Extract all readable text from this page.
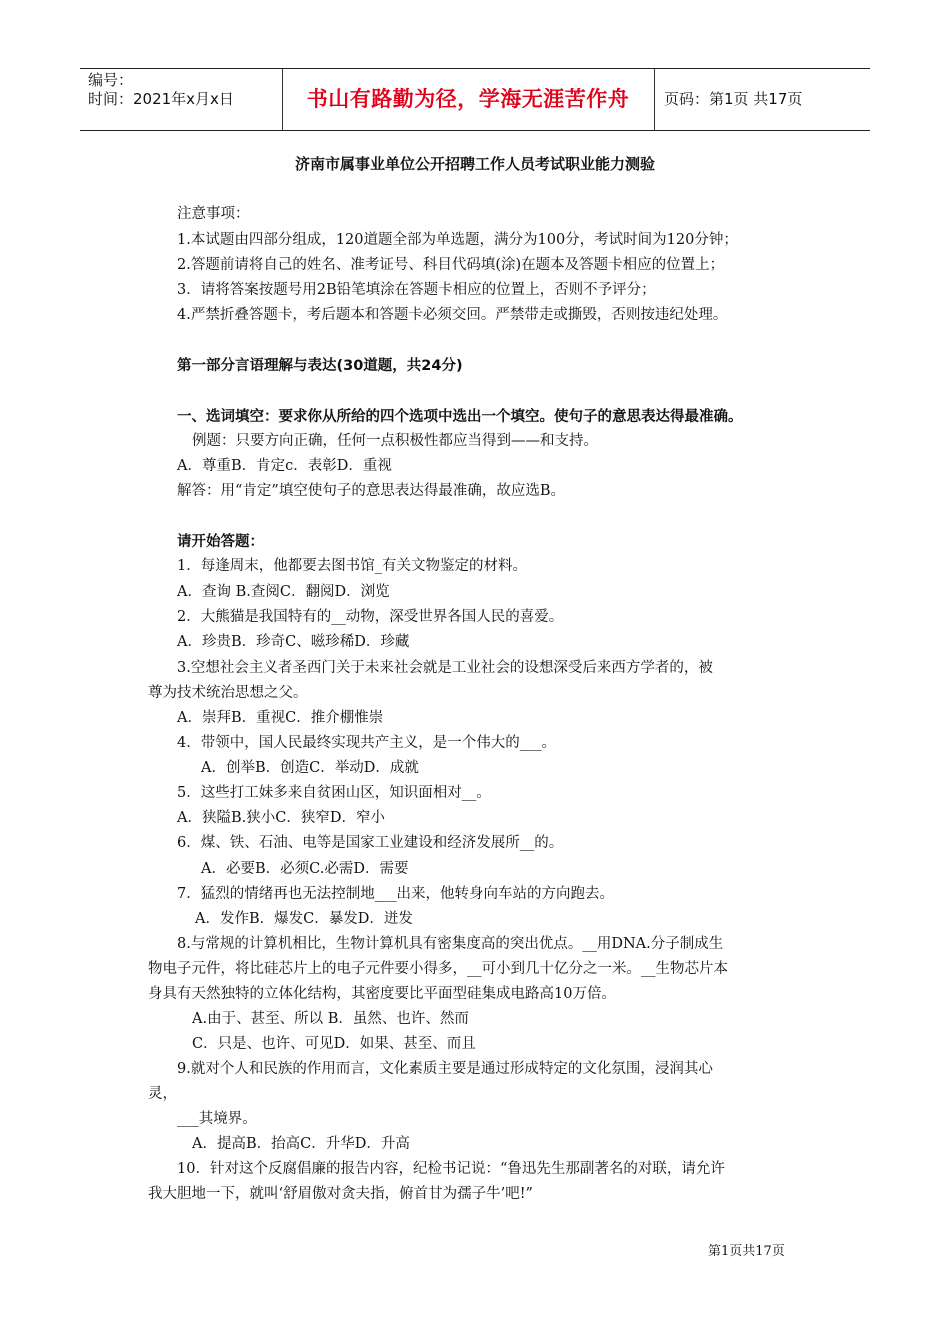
编号：
时间：2021年x月x日	书山有路勤为径，学海无涯苦作舟	页码：第1页 共17页
济南市属事业单位公开招聘工作人员考试职业能力测验
注意事项：
1.本试题由四部分组成，120道题全部为单选题，满分为100分，考试时间为120分钟；
2.答题前请将自己的姓名、准考证号、科目代码填(涂)在题本及答题卡相应的位置上；
3．请将答案按题号用2B铅笔填涂在答题卡相应的位置上，否则不予评分；
4.严禁折叠答题卡，考后题本和答题卡必须交回。严禁带走或撕毁，否则按违纪处理。
第一部分言语理解与表达(30道题，共24分)
一、选词填空：要求你从所给的四个选项中选出一个填空。使句子的意思表达得最准确。
例题：只要方向正确，任何一点积极性都应当得到——和支持。
A．尊重B．肯定c．表彰D．重视
解答：用“肯定”填空使句子的意思表达得最准确，故应选B。
请开始答题：
1．每逢周末，他都要去图书馆_有关文物鉴定的材料。
A．查询 B.查阅C．翻阅D．浏览
2．大熊猫是我国特有的__动物，深受世界各国人民的喜爱。
A．珍贵B．珍奇C、嗞珍稀D．珍藏
3.空想社会主义者圣西门关于未来社会就是工业社会的设想深受后来西方学者的，被
尊为技术统治思想之父。
A．崇拜B．重视C．推介棚惟崇
4．带领中，国人民最终实现共产主义，是一个伟大的___。
A．创举B．创造C．举动D．成就
5．这些打工妹多来自贫困山区，知识面相对__。
A．狭隘B.狭小C．狭窄D．窄小
6．煤、铁、石油、电等是国家工业建设和经济发展所__的。
A．必要B．必须C.必需D．需要
7．猛烈的情绪再也无法控制地___出来，他转身向车站的方向跑去。
A．发作B．爆发C．暴发D．迸发
8.与常规的计算机相比，生物计算机具有密集度高的突出优点。__用DNA.分子制成生
物电子元件，将比硅芯片上的电子元件要小得多，__可小到几十亿分之一米。__生物芯片本
身具有天然独特的立体化结构，其密度要比平面型硅集成电路高10万倍。
A.由于、甚至、所以 B．虽然、也许、然而
C．只是、也许、可见D．如果、甚至、而且
9.就对个人和民族的作用而言，文化素质主要是通过形成特定的文化氛围，浸润其心
灵，
___其境界。
A．提高B．抬高C．升华D．升高
10．针对这个反腐倡廉的报告内容，纪检书记说：“鲁迅先生那副著名的对联，请允许
我大胆地一下，就叫‘舒眉傲对贪夫指，俯首甘为孺子牛’吧!”
第1页共17页
